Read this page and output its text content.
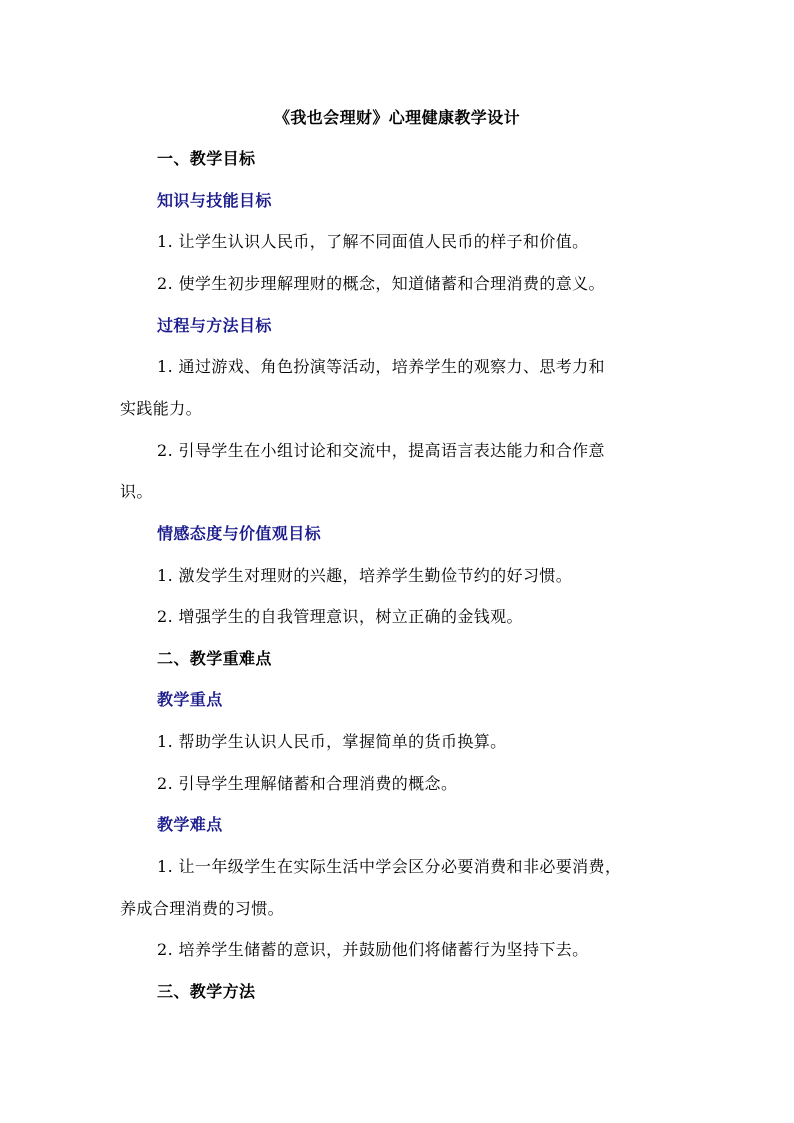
《我也会理财》心理健康教学设计
一、教学目标
知识与技能目标
1. 让学生认识人民币，了解不同面值人民币的样子和价值。
2. 使学生初步理解理财的概念，知道储蓄和合理消费的意义。
过程与方法目标
1. 通过游戏、角色扮演等活动，培养学生的观察力、思考力和
实践能力。
2. 引导学生在小组讨论和交流中，提高语言表达能力和合作意
识。
情感态度与价值观目标
1. 激发学生对理财的兴趣，培养学生勤俭节约的好习惯。
2. 增强学生的自我管理意识，树立正确的金钱观。
二、教学重难点
教学重点
1. 帮助学生认识人民币，掌握简单的货币换算。
2. 引导学生理解储蓄和合理消费的概念。
教学难点
1. 让一年级学生在实际生活中学会区分必要消费和非必要消费，
养成合理消费的习惯。
2. 培养学生储蓄的意识，并鼓励他们将储蓄行为坚持下去。
三、教学方法
